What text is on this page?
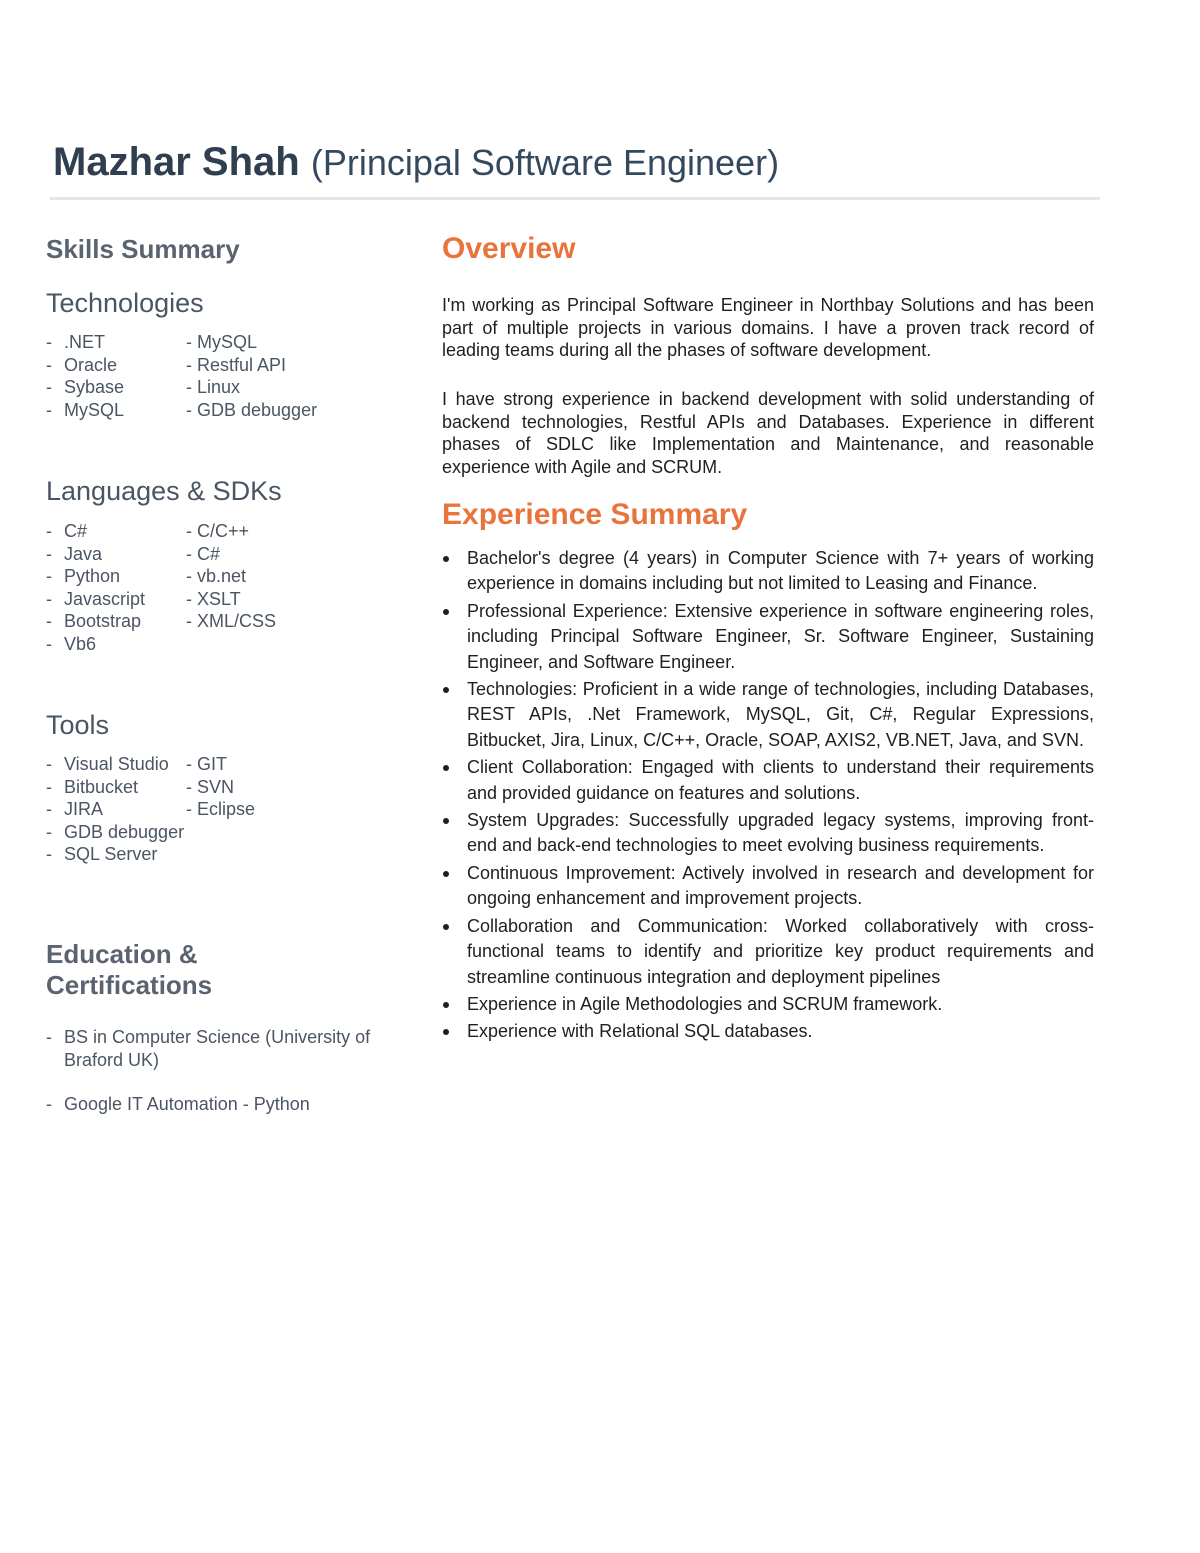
Mazhar Shah (Principal Software Engineer)
Skills Summary
Technologies
- .NET	- MySQL
- Oracle	- Restful API
- Sybase	- Linux
- MySQL	- GDB debugger
Languages & SDKs
- C#	- C/C++
- Java	- C#
- Python	- vb.net
- Javascript	- XSLT
- Bootstrap	- XML/CSS
- Vb6
Tools
- Visual Studio - GIT
- Bitbucket	- SVN
- JIRA	- Eclipse
- GDB debugger
- SQL Server
Education &
Certifications
- BS in Computer Science (University of Braford UK)
- Google IT Automation - Python
Overview

I'm working as Principal Software Engineer in Northbay Solutions and has been part of multiple projects in various domains. I have a proven track record of leading teams during all the phases of software development.

I have strong experience in backend development with solid understanding of backend technologies, Restful APIs and Databases. Experience in different phases of SDLC like Implementation and Maintenance, and reasonable experience with Agile and SCRUM.

Experience Summary
Bachelor's degree (4 years) in Computer Science with 7+ years of working experience in domains including but not limited to Leasing and Finance.
Professional Experience: Extensive experience in software engineering roles, including Principal Software Engineer, Sr. Software Engineer, Sustaining Engineer, and Software Engineer.
Technologies: Proficient in a wide range of technologies, including Databases, REST APIs, .Net Framework, MySQL, Git, C#, Regular Expressions, Bitbucket, Jira, Linux, C/C++, Oracle, SOAP, AXIS2, VB.NET, Java, and SVN.
Client Collaboration: Engaged with clients to understand their requirements and provided guidance on features and solutions.
System Upgrades: Successfully upgraded legacy systems, improving front-end and back-end technologies to meet evolving business requirements.
Continuous Improvement: Actively involved in research and development for ongoing enhancement and improvement projects.
Collaboration and Communication: Worked collaboratively with cross-functional teams to identify and prioritize key product requirements and streamline continuous integration and deployment pipelines
Experience in Agile Methodologies and SCRUM framework.
Experience with Relational SQL databases.
